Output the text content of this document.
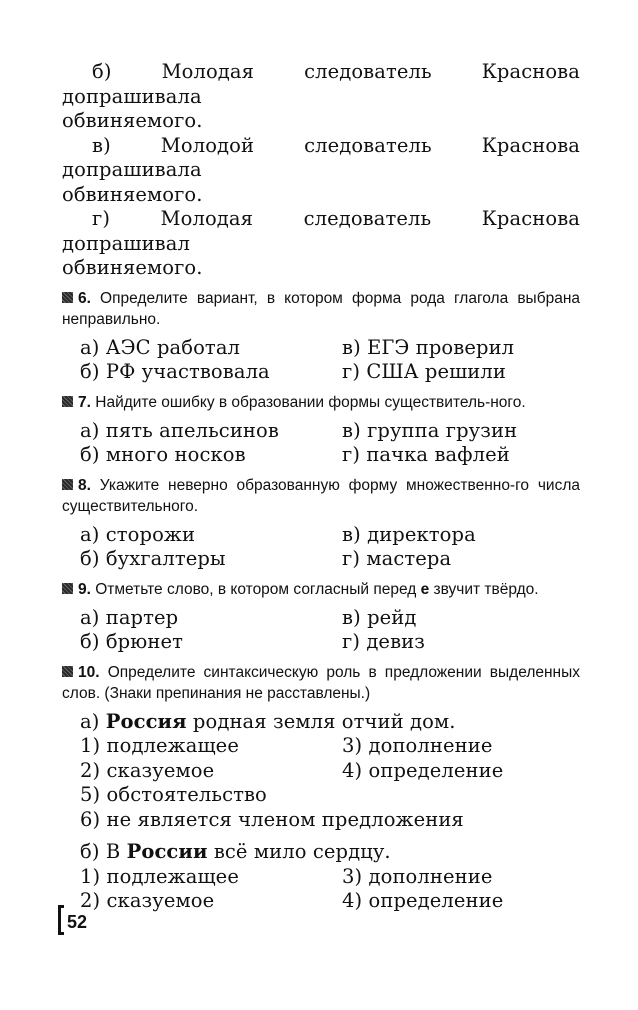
б) Молодая следователь Краснова допрашивала
обвиняемого.
в) Молодой следователь Краснова допрашивала
обвиняемого.
г) Молодая следователь Краснова допрашивал
обвиняемого.
6. Определите вариант, в котором форма рода глагола выбрана неправильно.
а) АЭС работал	в) ЕГЭ проверил
б) РФ участвовала	г) США решили
7. Найдите ошибку в образовании формы существитель-ного.
а) пять апельсинов	в) группа грузин
б) много носков	г) пачка вафлей
8. Укажите неверно образованную форму множественно-го числа существительного.
а) сторожи	в) директора
б) бухгалтеры	г) мастера
9. Отметьте слово, в котором согласный перед е звучит твёрдо.
а) партер	в) рейд
б) брюнет	г) девиз
10. Определите синтаксическую роль в предложении выделенных слов. (Знаки препинания не расставлены.)
а) Россия родная земля отчий дом.
1) подлежащее	3) дополнение
2) сказуемое	4) определение
5) обстоятельство
6) не является членом предложения
б) В России всё мило сердцу.
1) подлежащее	3) дополнение
2) сказуемое	4) определение
52
